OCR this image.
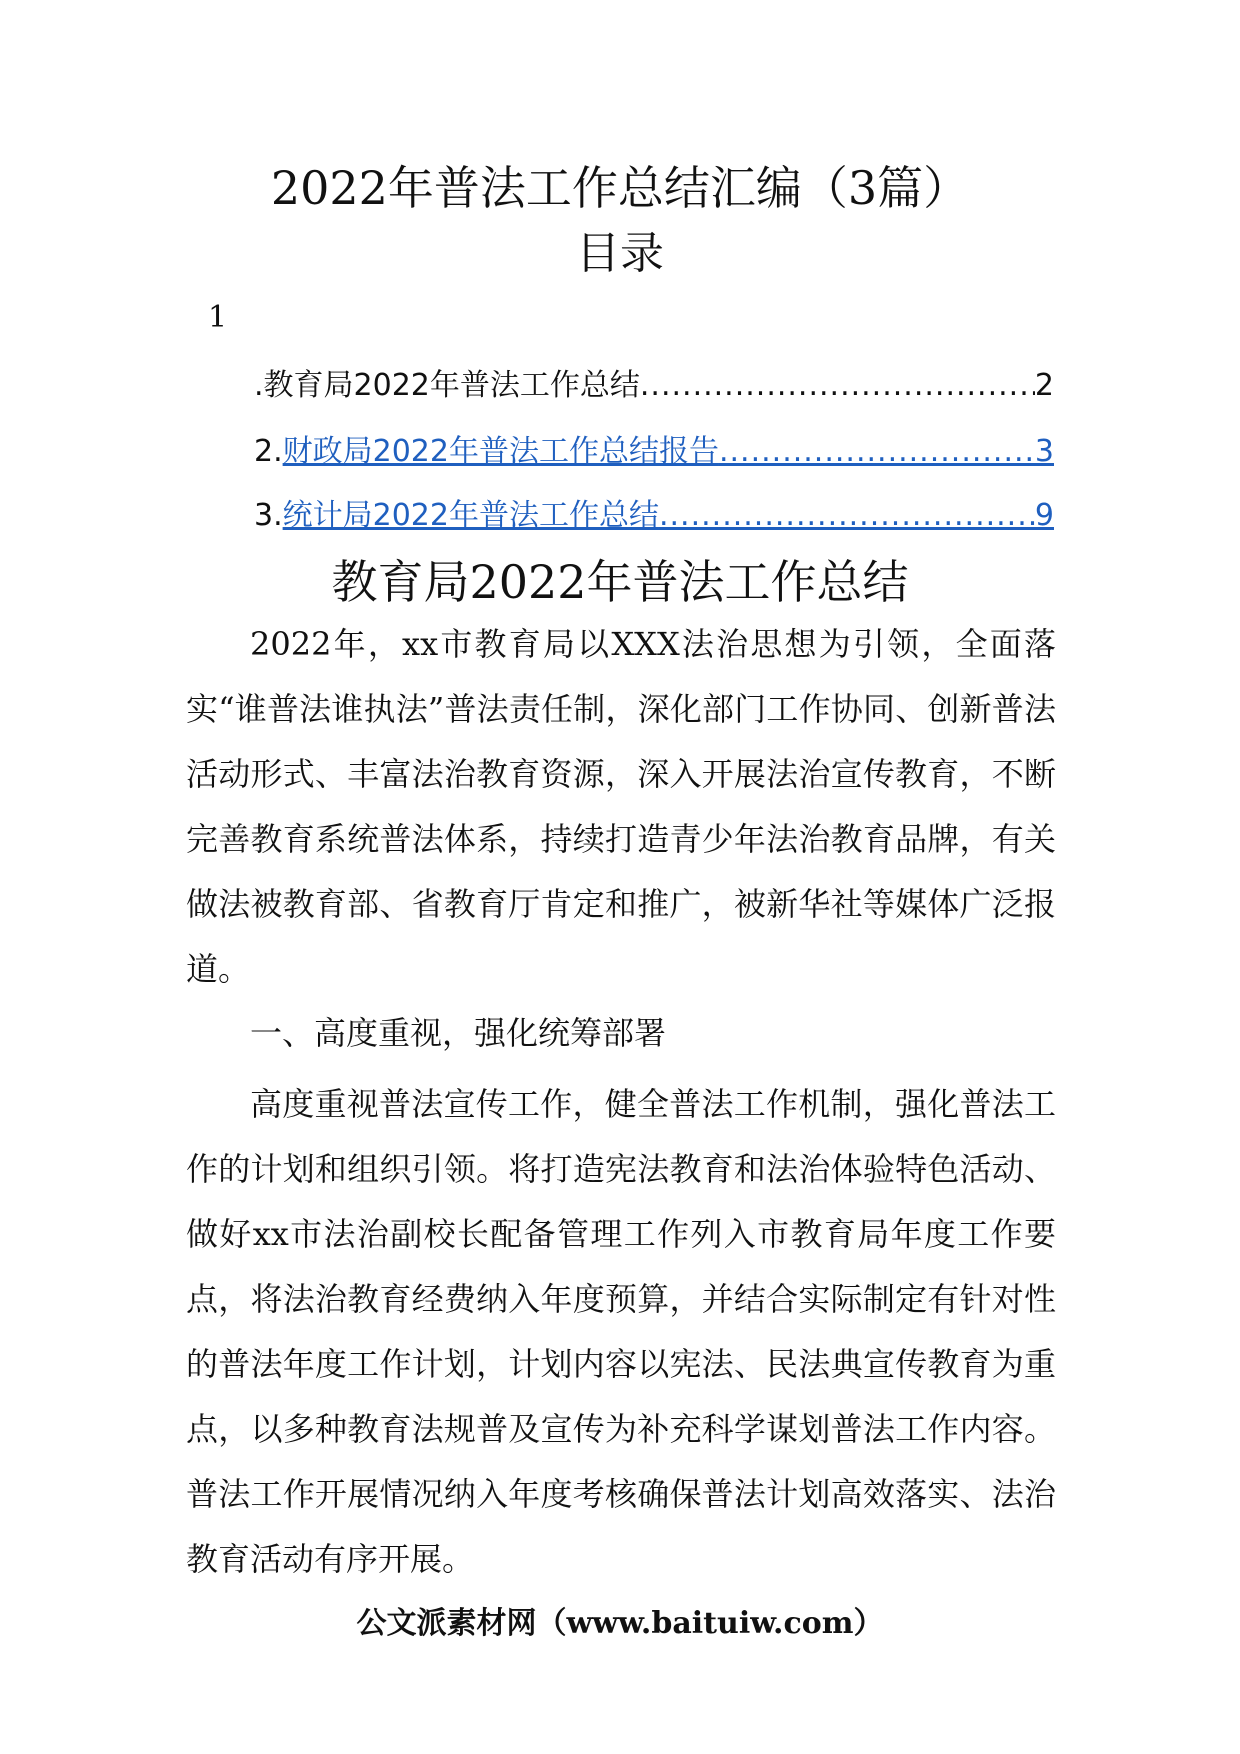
2022年普法工作总结汇编（3篇）
目录
1
.教育局2022年普法工作总结 .....	2
2.财政局2022年普法工作总结报告 .....	3
3.统计局2022年普法工作总结 .....	9
教育局2022年普法工作总结

2022年，xx市教育局以XXX法治思想为引领，全面落实“谁普法谁执法”普法责任制，深化部门工作协同、创新普法活动形式、丰富法治教育资源，深入开展法治宣传教育，不断完善教育系统普法体系，持续打造青少年法治教育品牌，有关做法被教育部、省教育厅肯定和推广，被新华社等媒体广泛报道。

一、高度重视，强化统筹部署

高度重视普法宣传工作，健全普法工作机制，强化普法工作的计划和组织引领。将打造宪法教育和法治体验特色活动、做好xx市法治副校长配备管理工作列入市教育局年度工作要点，将法治教育经费纳入年度预算，并结合实际制定有针对性的普法年度工作计划，计划内容以宪法、民法典宣传教育为重点，以多种教育法规普及宣传为补充科学谋划普法工作内容。普法工作开展情况纳入年度考核确保普法计划高效落实、法治教育活动有序开展。

公文派素材网（www.baituiw.com）
